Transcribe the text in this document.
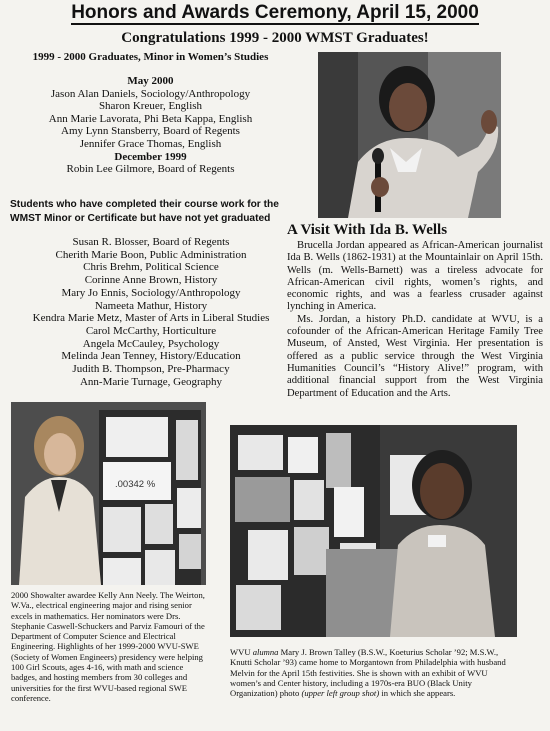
Honors and Awards Ceremony, April 15, 2000
Congratulations 1999 - 2000 WMST Graduates!
1999 - 2000 Graduates, Minor in Women’s Studies
May 2000
Jason Alan Daniels, Sociology/Anthropology
Sharon Kreuer, English
Ann Marie Lavorata, Phi Beta Kappa, English
Amy Lynn Stansberry, Board of Regents
Jennifer Grace Thomas, English
December 1999
Robin Lee Gilmore, Board of Regents
Students who have completed their course work for the
WMST Minor or Certificate but have not yet graduated
Susan R. Blosser, Board of Regents
Cherith Marie Boon, Public Administration
Chris Brehm, Political Science
Corinne Anne Brown, History
Mary Jo Ennis, Sociology/Anthropology
Nameeta Mathur, History
Kendra Marie Metz, Master of Arts in Liberal Studies
Carol McCarthy, Horticulture
Angela McCauley, Psychology
Melinda Jean Tenney, History/Education
Judith B. Thompson, Pre-Pharmacy
Ann-Marie Turnage, Geography
A Visit With Ida B. Wells

Brucella Jordan appeared as African-American journalist Ida B. Wells (1862-1931) at the Mountainlair on April 15th. Wells (m. Wells-Barnett) was a tireless advocate for African-American civil rights, women’s rights, and economic rights, and was a fearless crusader against lynching in America.

Ms. Jordan, a history Ph.D. candidate at WVU, is a cofounder of the African-American Heritage Family Tree Museum, of Ansted, West Virginia. Her presentation is offered as a public service through the West Virginia Humanities Council’s “History Alive!” program, with additional financial support from the West Virginia Department of Education and the Arts.

.00342 %
2000 Showalter awardee Kelly Ann Neely. The Weirton, W.Va., electrical engineering major and rising senior excels in mathematics. Her nominators were Drs. Stephanie Caswell-Schuckers and Parviz Famouri of the Department of Computer Science and Electrical Engineering. Highlights of her 1999-2000 WVU-SWE (Society of Women Engineers) presidency were helping 100 Girl Scouts, ages 4-16, with math and science badges, and hosting members from 30 colleges and universities for the first WVU-based regional SWE conference.
WVU alumna Mary J. Brown Talley (B.S.W., Koeturius Scholar ’92; M.S.W., Knutti Scholar ’93) came home to Morgantown from Philadelphia with husband Melvin for the April 15th festivities. She is shown with an exhibit of WVU women’s and Center history, including a 1970s-era BUO (Black Unity Organization) photo (upper left group shot) in which she appears.
